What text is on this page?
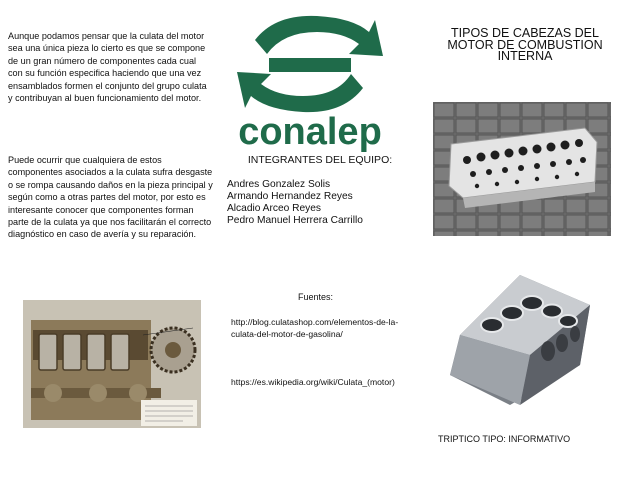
Aunque podamos pensar que la culata del motor sea una única pieza lo cierto es que se compone de un gran número de componentes cada cual con su función especifica haciendo que una vez ensamblados formen el conjunto del grupo culata y contribuyan al buen funcionamiento del motor.

Puede ocurrir que cualquiera de estos componentes asociados a la culata sufra desgaste o se rompa causando daños en la pieza principal y según como a otras partes del motor, por esto es interesante conocer que componentes forman parte de la culata ya que nos facilitarán el correcto diagnóstico en caso de avería y su reparación.

conalep
INTEGRANTES DEL EQUIPO:
Andres Gonzalez Solis
Armando Hernandez Reyes
Alcadio Arceo Reyes
Pedro Manuel Herrera Carrillo
Fuentes:
http://blog.culatashop.com/elementos-de-la-culata-del-motor-de-gasolina/
https://es.wikipedia.org/wiki/Culata_(motor)
TIPOS DE CABEZAS DEL MOTOR DE COMBUSTION INTERNA
TRIPTICO TIPO: INFORMATIVO
